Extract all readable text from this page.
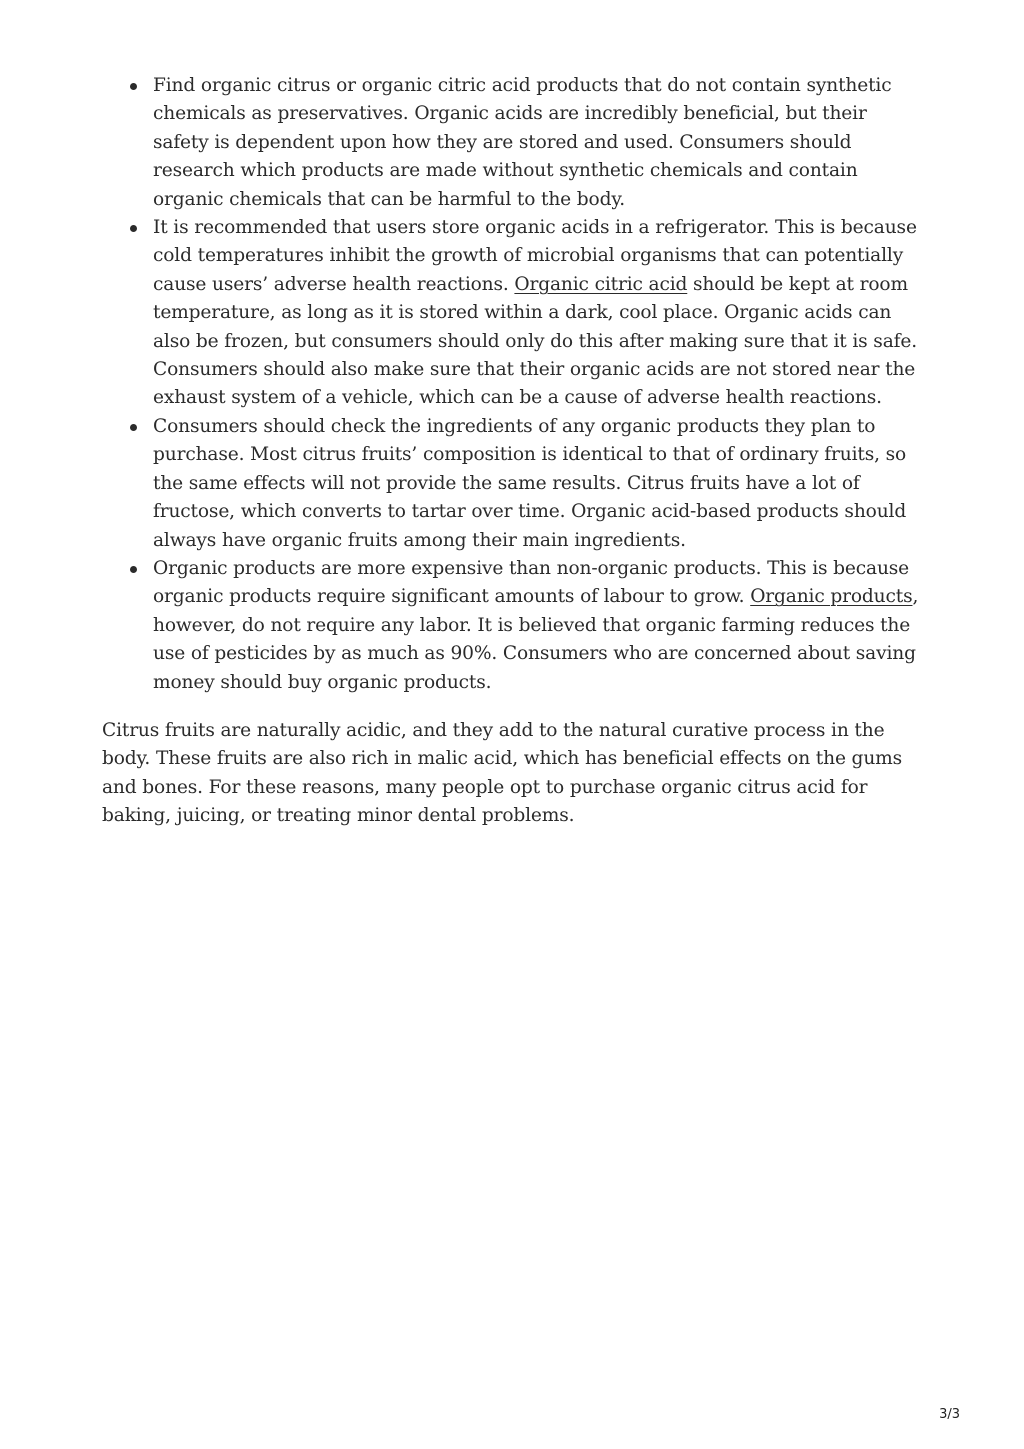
Find organic citrus or organic citric acid products that do not contain synthetic chemicals as preservatives. Organic acids are incredibly beneficial, but their safety is dependent upon how they are stored and used. Consumers should research which products are made without synthetic chemicals and contain organic chemicals that can be harmful to the body.
It is recommended that users store organic acids in a refrigerator. This is because cold temperatures inhibit the growth of microbial organisms that can potentially cause users’ adverse health reactions. Organic citric acid should be kept at room temperature, as long as it is stored within a dark, cool place. Organic acids can also be frozen, but consumers should only do this after making sure that it is safe. Consumers should also make sure that their organic acids are not stored near the exhaust system of a vehicle, which can be a cause of adverse health reactions.
Consumers should check the ingredients of any organic products they plan to purchase. Most citrus fruits’ composition is identical to that of ordinary fruits, so the same effects will not provide the same results. Citrus fruits have a lot of fructose, which converts to tartar over time. Organic acid-based products should always have organic fruits among their main ingredients.
Organic products are more expensive than non-organic products. This is because organic products require significant amounts of labour to grow. Organic products, however, do not require any labor. It is believed that organic farming reduces the use of pesticides by as much as 90%. Consumers who are concerned about saving money should buy organic products.

Citrus fruits are naturally acidic, and they add to the natural curative process in the body. These fruits are also rich in malic acid, which has beneficial effects on the gums and bones. For these reasons, many people opt to purchase organic citrus acid for baking, juicing, or treating minor dental problems.

3/3
